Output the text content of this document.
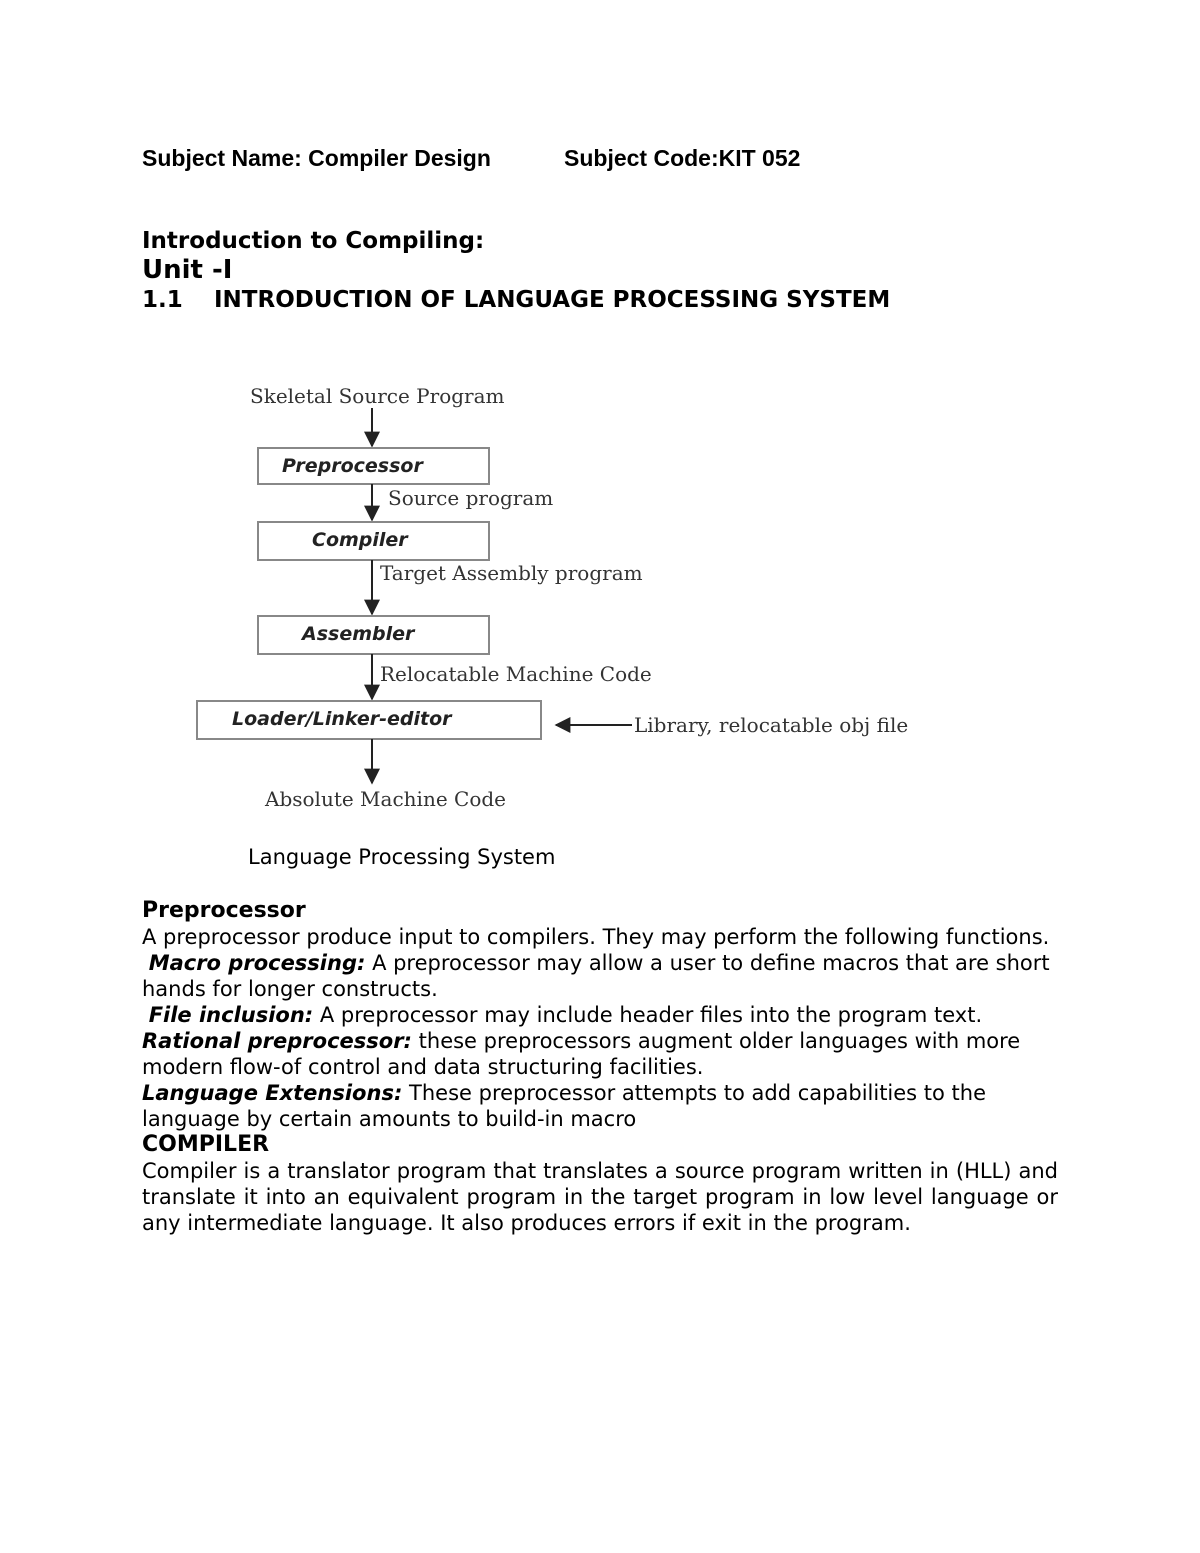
Subject Name: Compiler Design	Subject Code:KIT 052
Introduction to Compiling:
Unit -I
1.1 INTRODUCTION OF LANGUAGE PROCESSING SYSTEM
Skeletal Source Program
Preprocessor
Source program
Compiler
Target Assembly program
Assembler
Relocatable Machine Code
Loader/Linker-editor	Library, relocatable obj file
Absolute Machine Code
Language Processing System

Preprocessor

A preprocessor produce input to compilers. They may perform the following functions.

Macro processing: A preprocessor may allow a user to define macros that are short hands for longer constructs.

File inclusion: A preprocessor may include header files into the program text.

Rational preprocessor: these preprocessors augment older languages with more modern flow-of control and data structuring facilities.

Language Extensions: These preprocessor attempts to add capabilities to the language by certain amounts to build-in macro

COMPILER

Compiler is a translator program that translates a source program written in (HLL) and translate it into an equivalent program in the target program in low level language or any intermediate language. It also produces errors if exit in the program.
